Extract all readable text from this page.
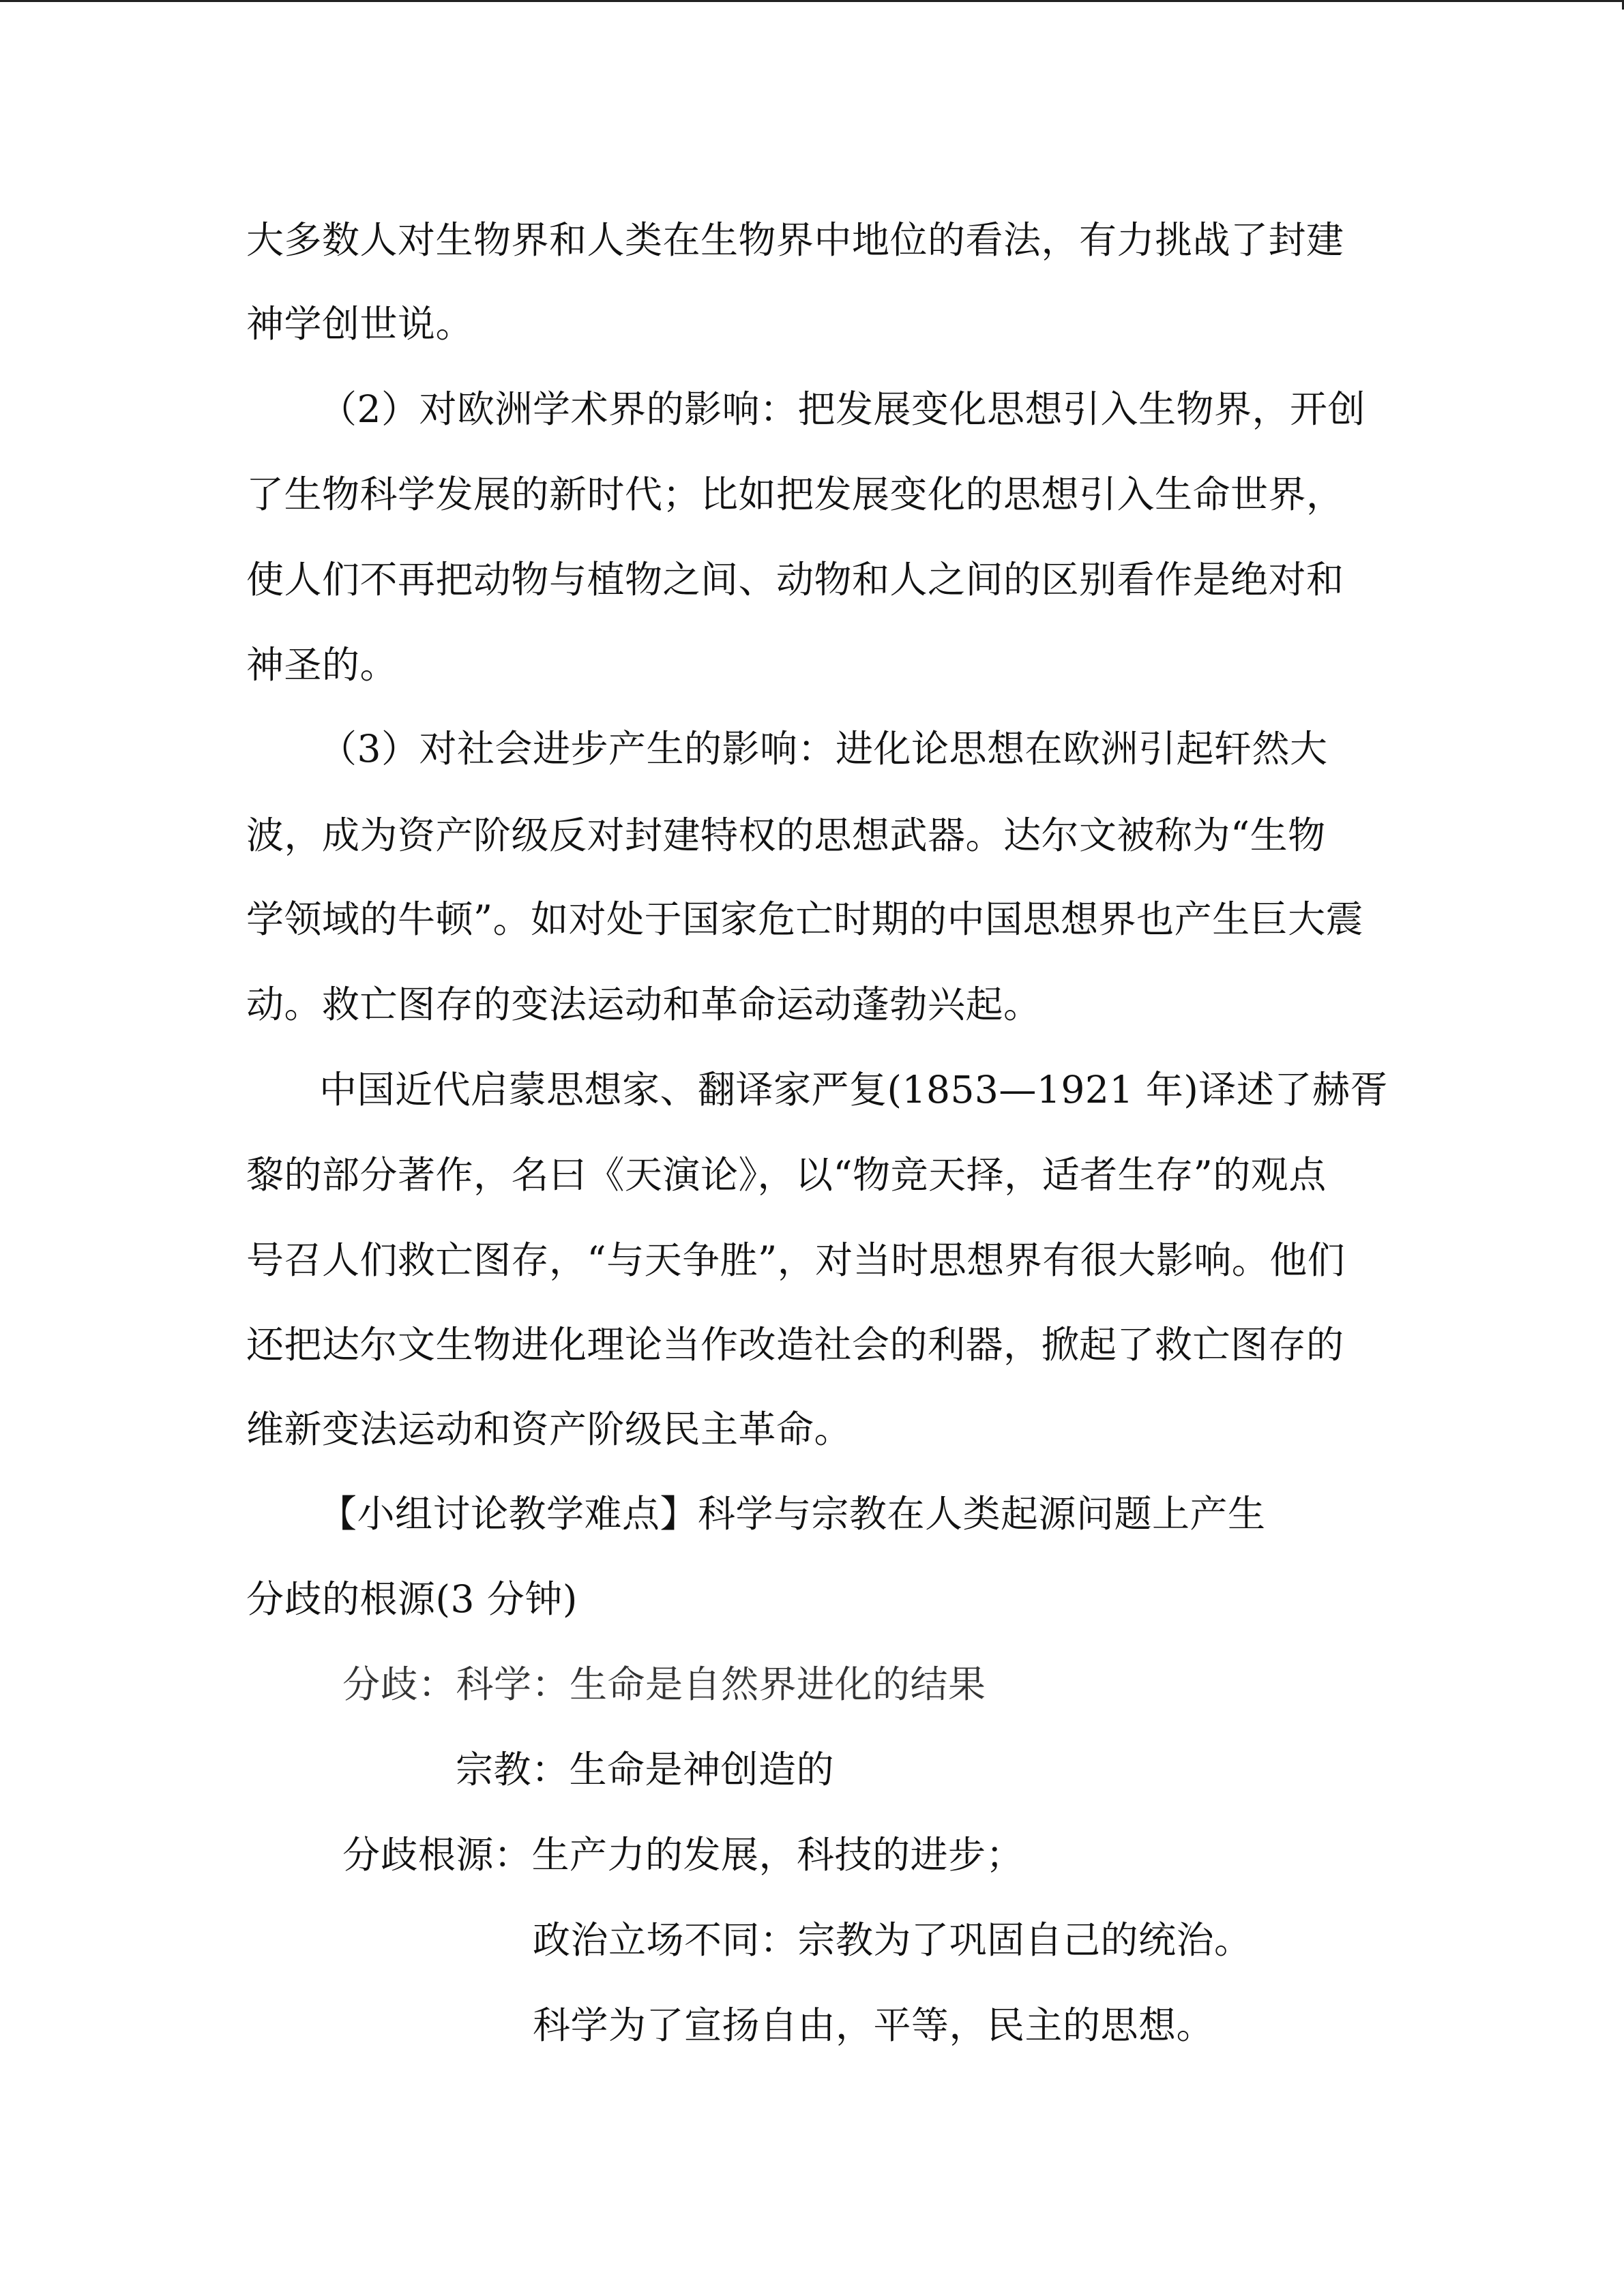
大多数人对生物界和人类在生物界中地位的看法，有力挑战了封建
神学创世说。
（2）对欧洲学术界的影响：把发展变化思想引入生物界，开创
了生物科学发展的新时代；比如把发展变化的思想引入生命世界，
使人们不再把动物与植物之间、动物和人之间的区别看作是绝对和
神圣的。
（3）对社会进步产生的影响：进化论思想在欧洲引起轩然大
波，成为资产阶级反对封建特权的思想武器。达尔文被称为“生物
学领域的牛顿”。如对处于国家危亡时期的中国思想界也产生巨大震
动。救亡图存的变法运动和革命运动蓬勃兴起。
中国近代启蒙思想家、翻译家严复(1853—1921 年)译述了赫胥
黎的部分著作，名曰《天演论》，以“物竞天择，适者生存”的观点
号召人们救亡图存，“与天争胜”，对当时思想界有很大影响。他们
还把达尔文生物进化理论当作改造社会的利器，掀起了救亡图存的
维新变法运动和资产阶级民主革命。
【小组讨论教学难点】科学与宗教在人类起源问题上产生
分歧的根源(3 分钟)
分歧：科学：生命是自然界进化的结果
宗教：生命是神创造的
分歧根源：生产力的发展，科技的进步；
政治立场不同：宗教为了巩固自己的统治。
科学为了宣扬自由，平等，民主的思想。
